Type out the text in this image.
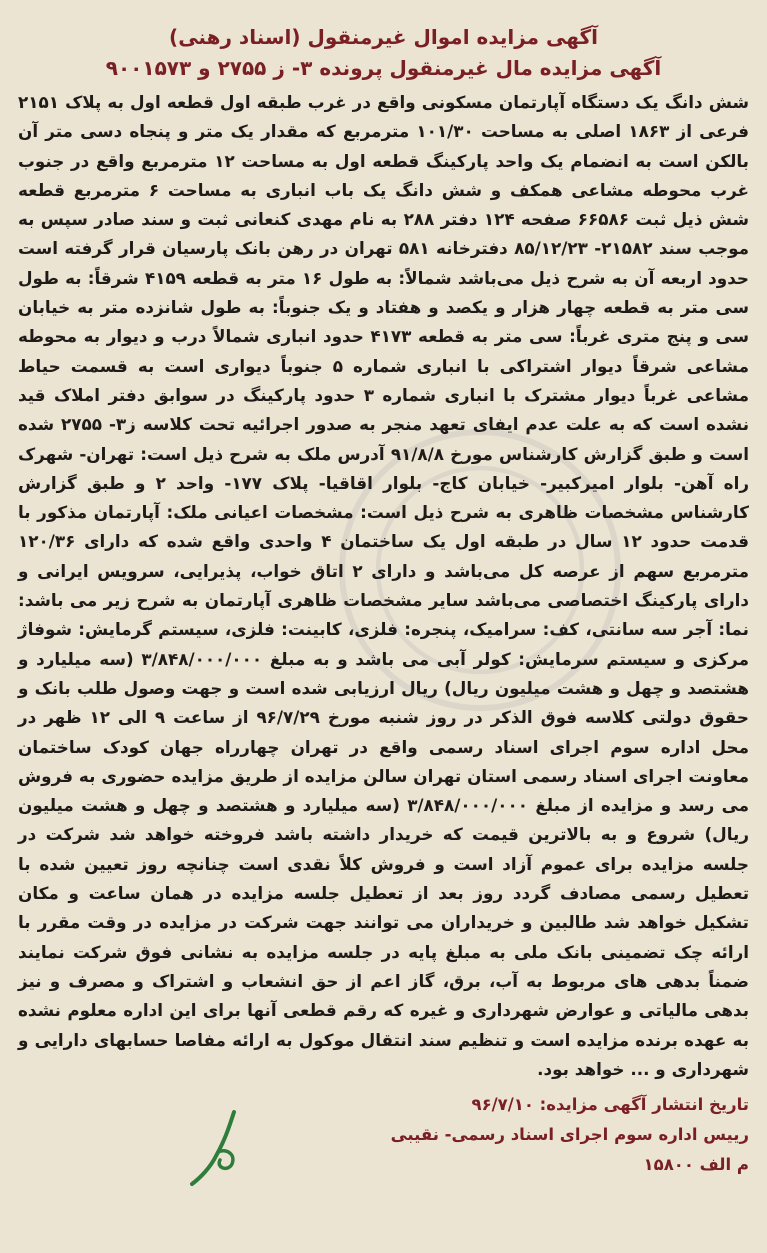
آگهی مزایده اموال غیرمنقول (اسناد رهنی)
آگهی مزایده مال غیرمنقول پرونده ۳- ز ۲۷۵۵ و ۹۰۰۱۵۷۳

شش دانگ یک دستگاه آپارتمان مسکونی واقع در غرب طبقه اول قطعه اول به پلاک ۲۱۵۱ فرعی از ۱۸۶۳ اصلی به مساحت ۱۰۱/۳۰ مترمربع که مقدار یک متر و پنجاه دسی متر آن بالکن است به انضمام یک واحد پارکینگ قطعه اول به مساحت ۱۲ مترمربع واقع در جنوب غرب محوطه مشاعی همکف و شش دانگ یک باب انباری به مساحت ۶ مترمربع قطعه شش ذیل ثبت ۶۶۵۸۶ صفحه ۱۲۴ دفتر ۲۸۸ به نام مهدی کنعانی ثبت و سند صادر سپس به موجب سند ۲۱۵۸۲- ۸۵/۱۲/۲۳ دفترخانه ۵۸۱ تهران در رهن بانک پارسیان قرار گرفته است حدود اربعه آن به شرح ذیل می‌باشد شمالاً: به طول ۱۶ متر به قطعه ۴۱۵۹ شرقاً: به طول سی متر به قطعه چهار هزار و یکصد و هفتاد و یک جنوباً: به طول شانزده متر به خیابان سی و پنج متری غرباً: سی متر به قطعه ۴۱۷۳ حدود انباری شمالاً درب و دیوار به محوطه مشاعی شرقاً دیوار اشتراکی با انباری شماره ۵ جنوباً دیواری است به قسمت حیاط مشاعی غرباً دیوار مشترک با انباری شماره ۳ حدود پارکینگ در سوابق دفتر املاک قید نشده است که به علت عدم ایفای تعهد منجر به صدور اجرائیه تحت کلاسه ز۳- ۲۷۵۵ شده است و طبق گزارش کارشناس مورخ ۹۱/۸/۸ آدرس ملک به شرح ذیل است: تهران- شهرک راه آهن- بلوار امیرکبیر- خیابان کاج- بلوار اقاقیا- پلاک ۱۷۷- واحد ۲ و طبق گزارش کارشناس مشخصات ظاهری به شرح ذیل است: مشخصات اعیانی ملک: آپارتمان مذکور با قدمت حدود ۱۲ سال در طبقه اول یک ساختمان ۴ واحدی واقع شده که دارای ۱۲۰/۳۶ مترمربع سهم از عرصه کل می‌باشد و دارای ۲ اتاق خواب، پذیرایی، سرویس ایرانی و دارای پارکینگ اختصاصی می‌باشد سایر مشخصات ظاهری آپارتمان به شرح زیر می باشد: نما: آجر سه سانتی، کف: سرامیک، پنجره: فلزی، کابینت: فلزی، سیستم گرمایش: شوفاژ مرکزی و سیستم سرمایش: کولر آبی می باشد و به مبلغ ۳/۸۴۸/۰۰۰/۰۰۰ (سه میلیارد و هشتصد و چهل و هشت میلیون ریال) ریال ارزیابی شده است و جهت وصول طلب بانک و حقوق دولتی کلاسه فوق الذکر در روز شنبه مورخ ۹۶/۷/۲۹ از ساعت ۹ الی ۱۲ ظهر در محل اداره سوم اجرای اسناد رسمی واقع در تهران چهارراه جهان کودک ساختمان معاونت اجرای اسناد رسمی استان تهران سالن مزایده از طریق مزایده حضوری به فروش می رسد و مزایده از مبلغ ۳/۸۴۸/۰۰۰/۰۰۰ (سه میلیارد و هشتصد و چهل و هشت میلیون ریال) شروع و به بالاترین قیمت که خریدار داشته باشد فروخته خواهد شد شرکت در جلسه مزایده برای عموم آزاد است و فروش کلاً نقدی است چنانچه روز تعیین شده با تعطیل رسمی مصادف گردد روز بعد از تعطیل جلسه مزایده در همان ساعت و مکان تشکیل خواهد شد طالبین و خریداران می توانند جهت شرکت در مزایده در وقت مقرر با ارائه چک تضمینی بانک ملی به مبلغ پایه در جلسه مزایده به نشانی فوق شرکت نمایند ضمناً بدهی های مربوط به آب، برق، گاز اعم از حق انشعاب و اشتراک و مصرف و نیز بدهی مالیاتی و عوارض شهرداری و غیره که رقم قطعی آنها برای این اداره معلوم نشده به عهده برنده مزایده است و تنظیم سند انتقال موکول به ارائه مفاصا حسابهای دارایی و شهرداری و ... خواهد بود.

تاریخ انتشار آگهی مزایده: ۹۶/۷/۱۰
رییس اداره سوم اجرای اسناد رسمی- نقیبی
م الف ۱۵۸۰۰
